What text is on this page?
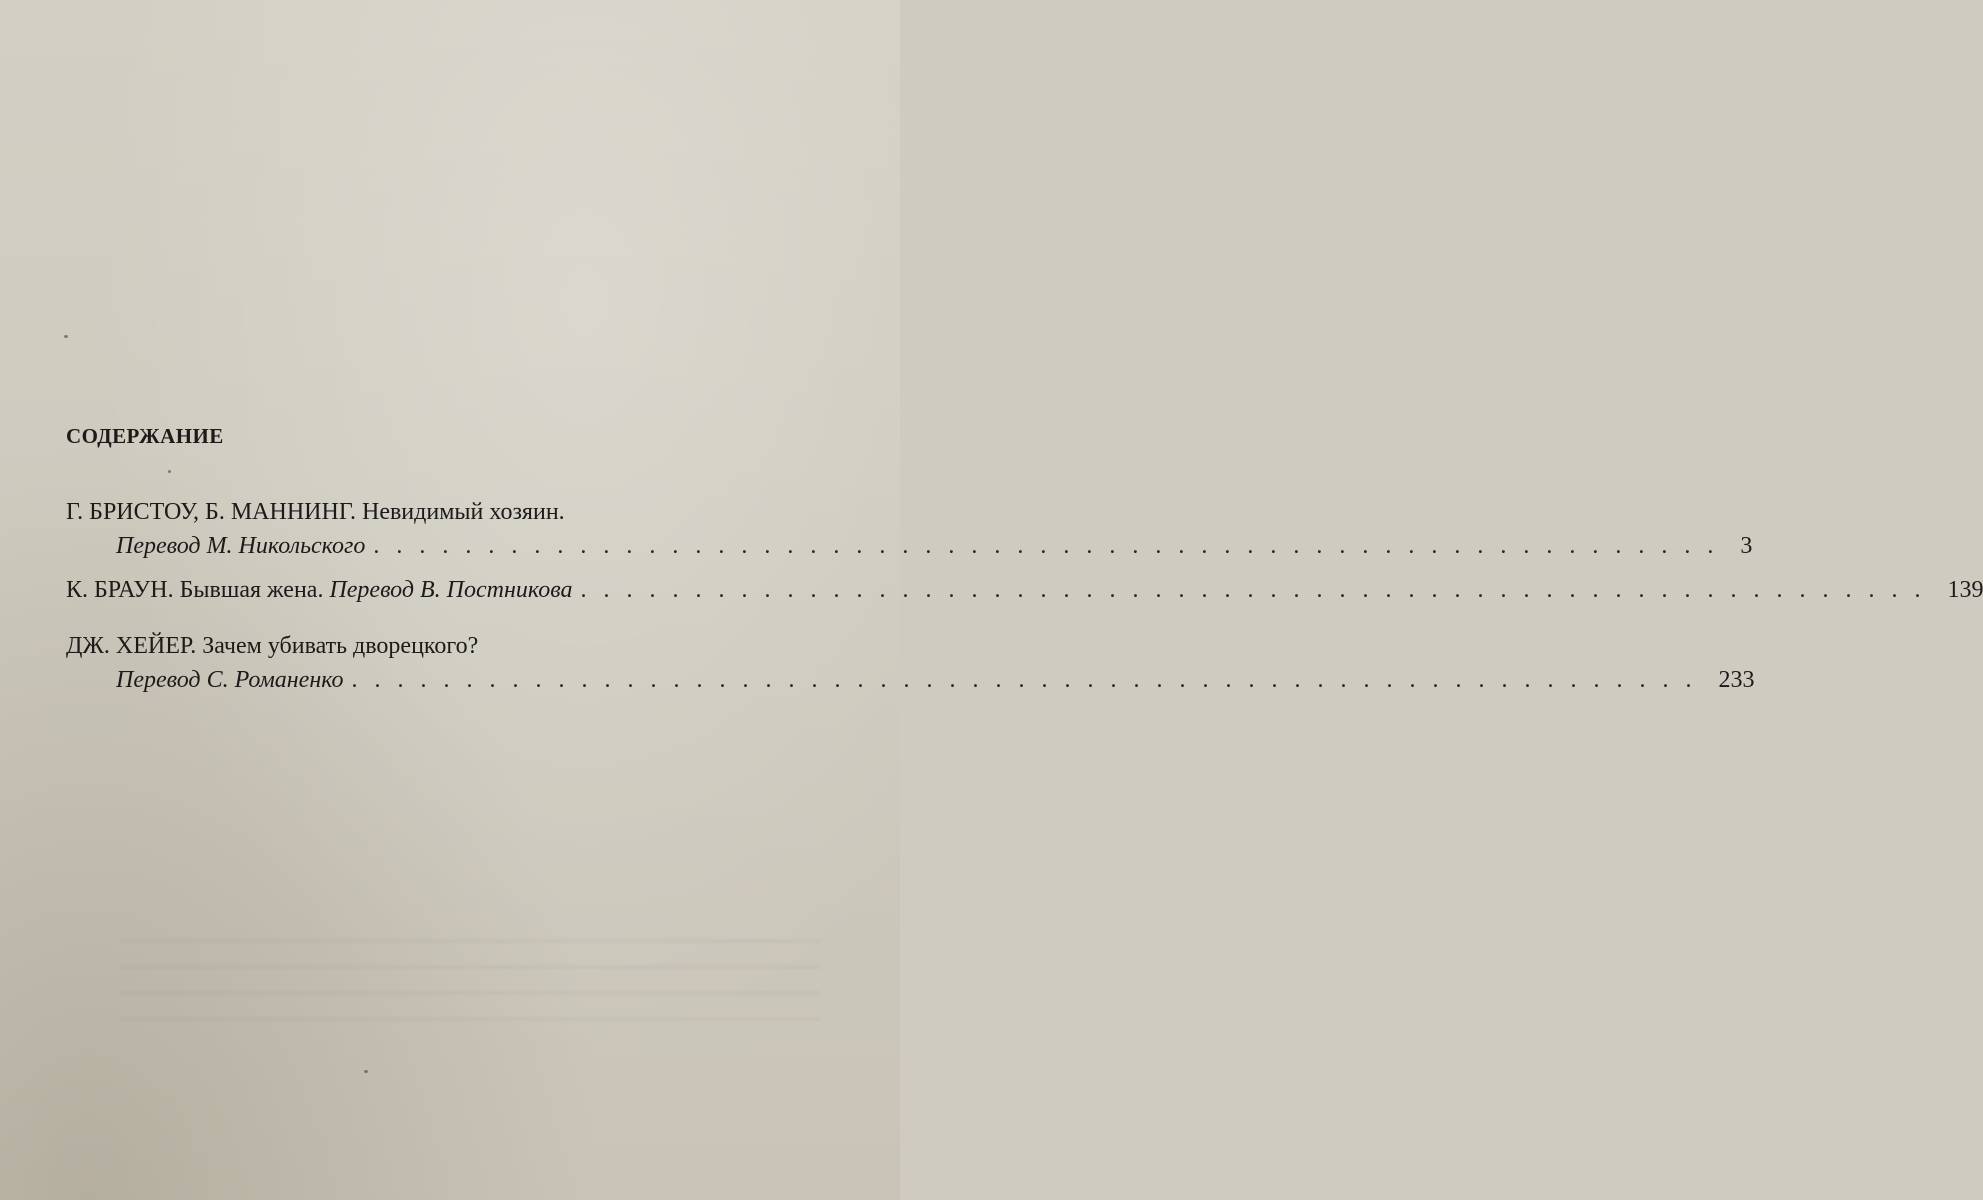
СОДЕРЖАНИЕ
Г. БРИСТОУ, Б. МАННИНГ. Невидимый хозяин.
Перевод М. Никольского ........................................................... 3
К. БРАУН. Бывшая жена.
Перевод В. Постникова ........................................................... 139
ДЖ. ХЕЙЕР. Зачем убивать дворецкого?
Перевод С. Романенко ........................................................... 233
